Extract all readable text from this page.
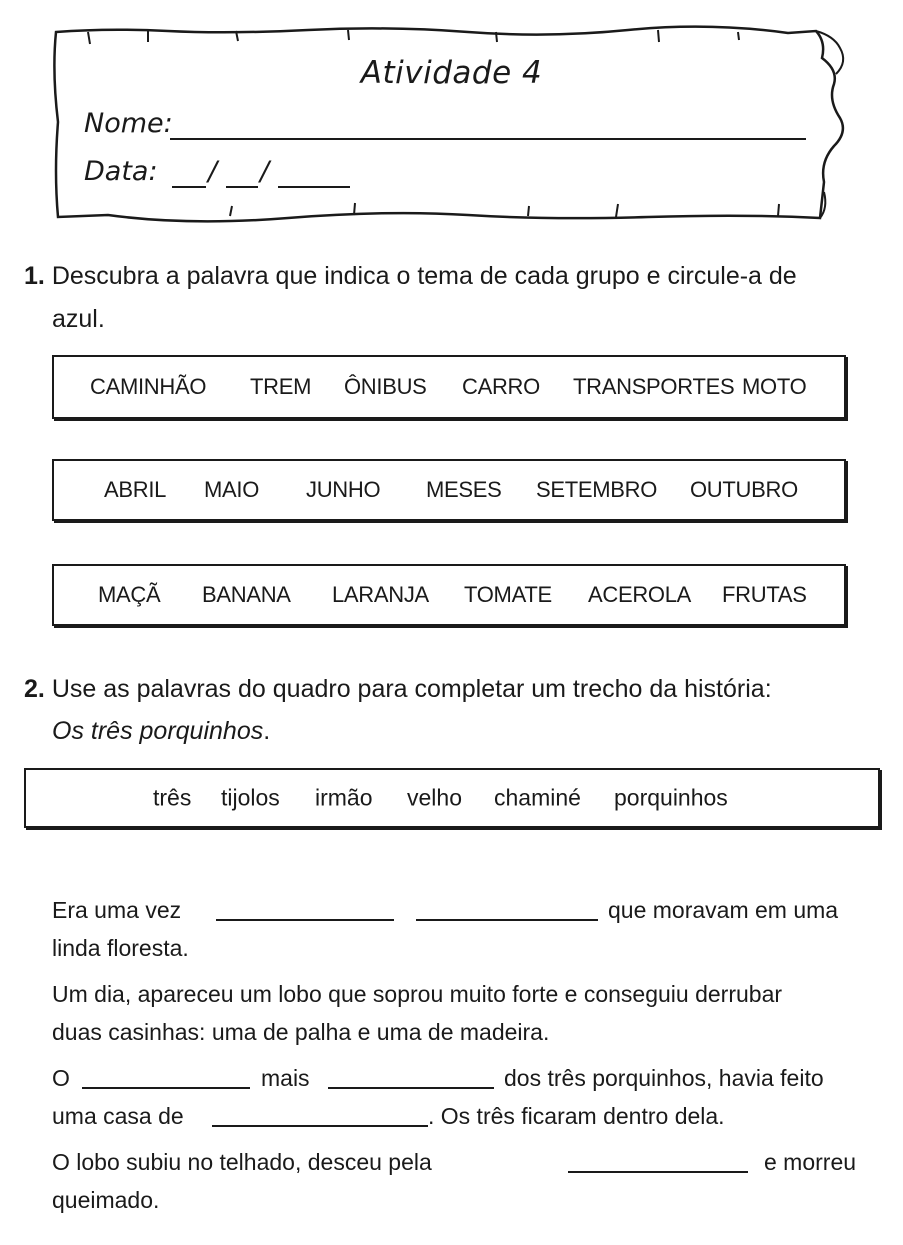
Atividade 4
Nome:
Data: / /
1. Descubra a palavra que indica o tema de cada grupo e circule-a de
azul.
CAMINHÃO TREM ÔNIBUS CARRO TRANSPORTES MOTO
ABRIL MAIO JUNHO MESES SETEMBRO OUTUBRO
MAÇÃ BANANA LARANJA TOMATE ACEROLA FRUTAS
2. Use as palavras do quadro para completar um trecho da história:
Os três porquinhos.
três tijolos irmão velho chaminé porquinhos
Era uma vez	que moravam em uma
linda floresta.
Um dia, apareceu um lobo que soprou muito forte e conseguiu derrubar
duas casinhas: uma de palha e uma de madeira.
O	mais	dos três porquinhos, havia feito
uma casa de	. Os três ficaram dentro dela.
O lobo subiu no telhado, desceu pela	e morreu
queimado.
